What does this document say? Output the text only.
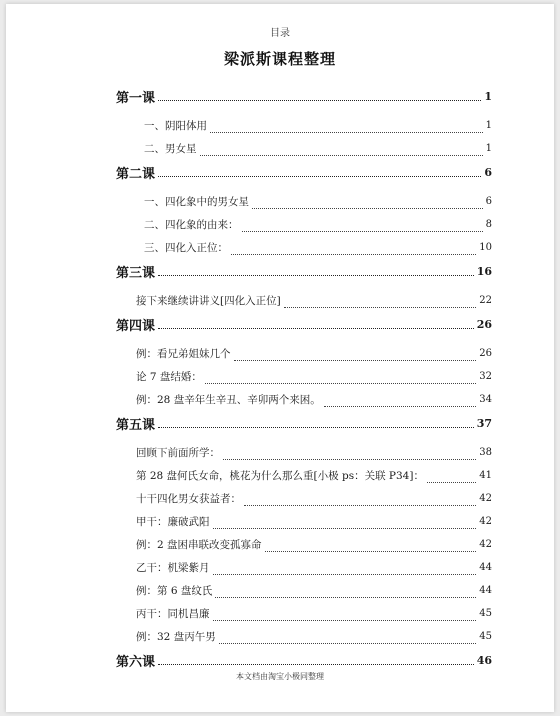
目录
梁派斯课程整理
第一课	1
一、阴阳体用	1
二、男女星	1
第二课	6
一、四化象中的男女星	6
二、四化象的由来：	8
三、四化入正位：	10
第三课	16
接下来继续讲讲义[四化入正位]	22
第四课	26
例：看兄弟姐妹几个	26
论 7 盘结婚：	32
例：28 盘辛年生辛丑、辛卯两个来困。	34
第五课	37
回顾下前面所学：	38
第 28 盘何氏女命，桃花为什么那么重[小极 ps：关联 P34]：	41
十干四化男女获益者：	42
甲干：廉破武阳	42
例：2 盘困串联改变孤寡命	42
乙干：机梁紫月	44
例：第 6 盘纹氏	44
丙干：同机昌廉	45
例：32 盘丙午男	45
第六课	46
本文档由淘宝小极同整理
